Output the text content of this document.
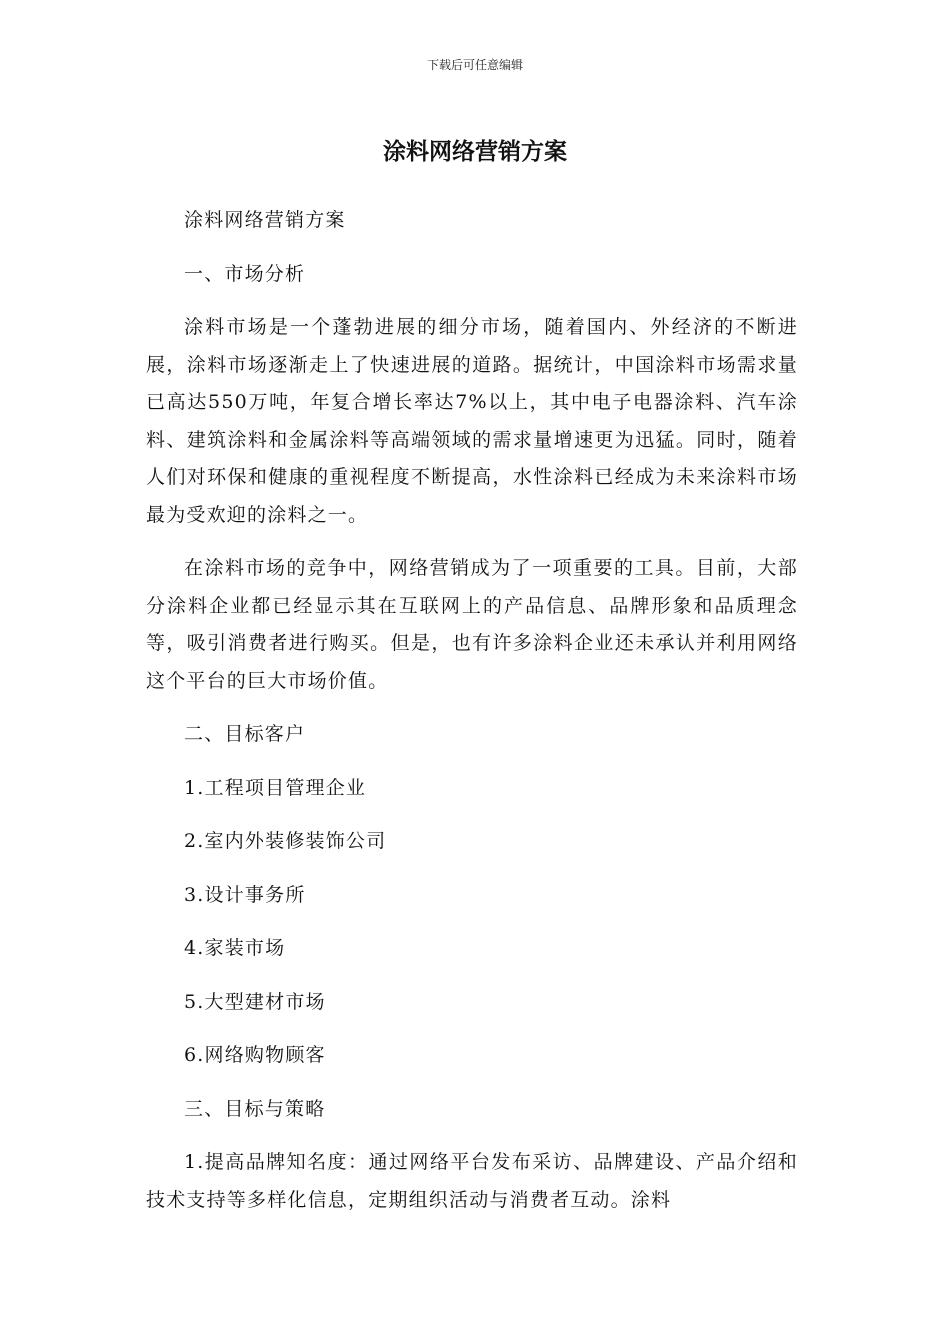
下载后可任意编辑
涂料网络营销方案

涂料网络营销方案

一、市场分析

涂料市场是一个蓬勃进展的细分市场，随着国内、外经济的不断进展，涂料市场逐渐走上了快速进展的道路。据统计，中国涂料市场需求量已高达550万吨，年复合增长率达7%以上，其中电子电器涂料、汽车涂料、建筑涂料和金属涂料等高端领域的需求量增速更为迅猛。同时，随着人们对环保和健康的重视程度不断提高，水性涂料已经成为未来涂料市场最为受欢迎的涂料之一。

在涂料市场的竞争中，网络营销成为了一项重要的工具。目前，大部分涂料企业都已经显示其在互联网上的产品信息、品牌形象和品质理念等，吸引消费者进行购买。但是，也有许多涂料企业还未承认并利用网络这个平台的巨大市场价值。

二、目标客户

1.工程项目管理企业

2.室内外装修装饰公司

3.设计事务所

4.家装市场

5.大型建材市场

6.网络购物顾客

三、目标与策略

1.提高品牌知名度：通过网络平台发布采访、品牌建设、产品介绍和技术支持等多样化信息，定期组织活动与消费者互动。涂料
